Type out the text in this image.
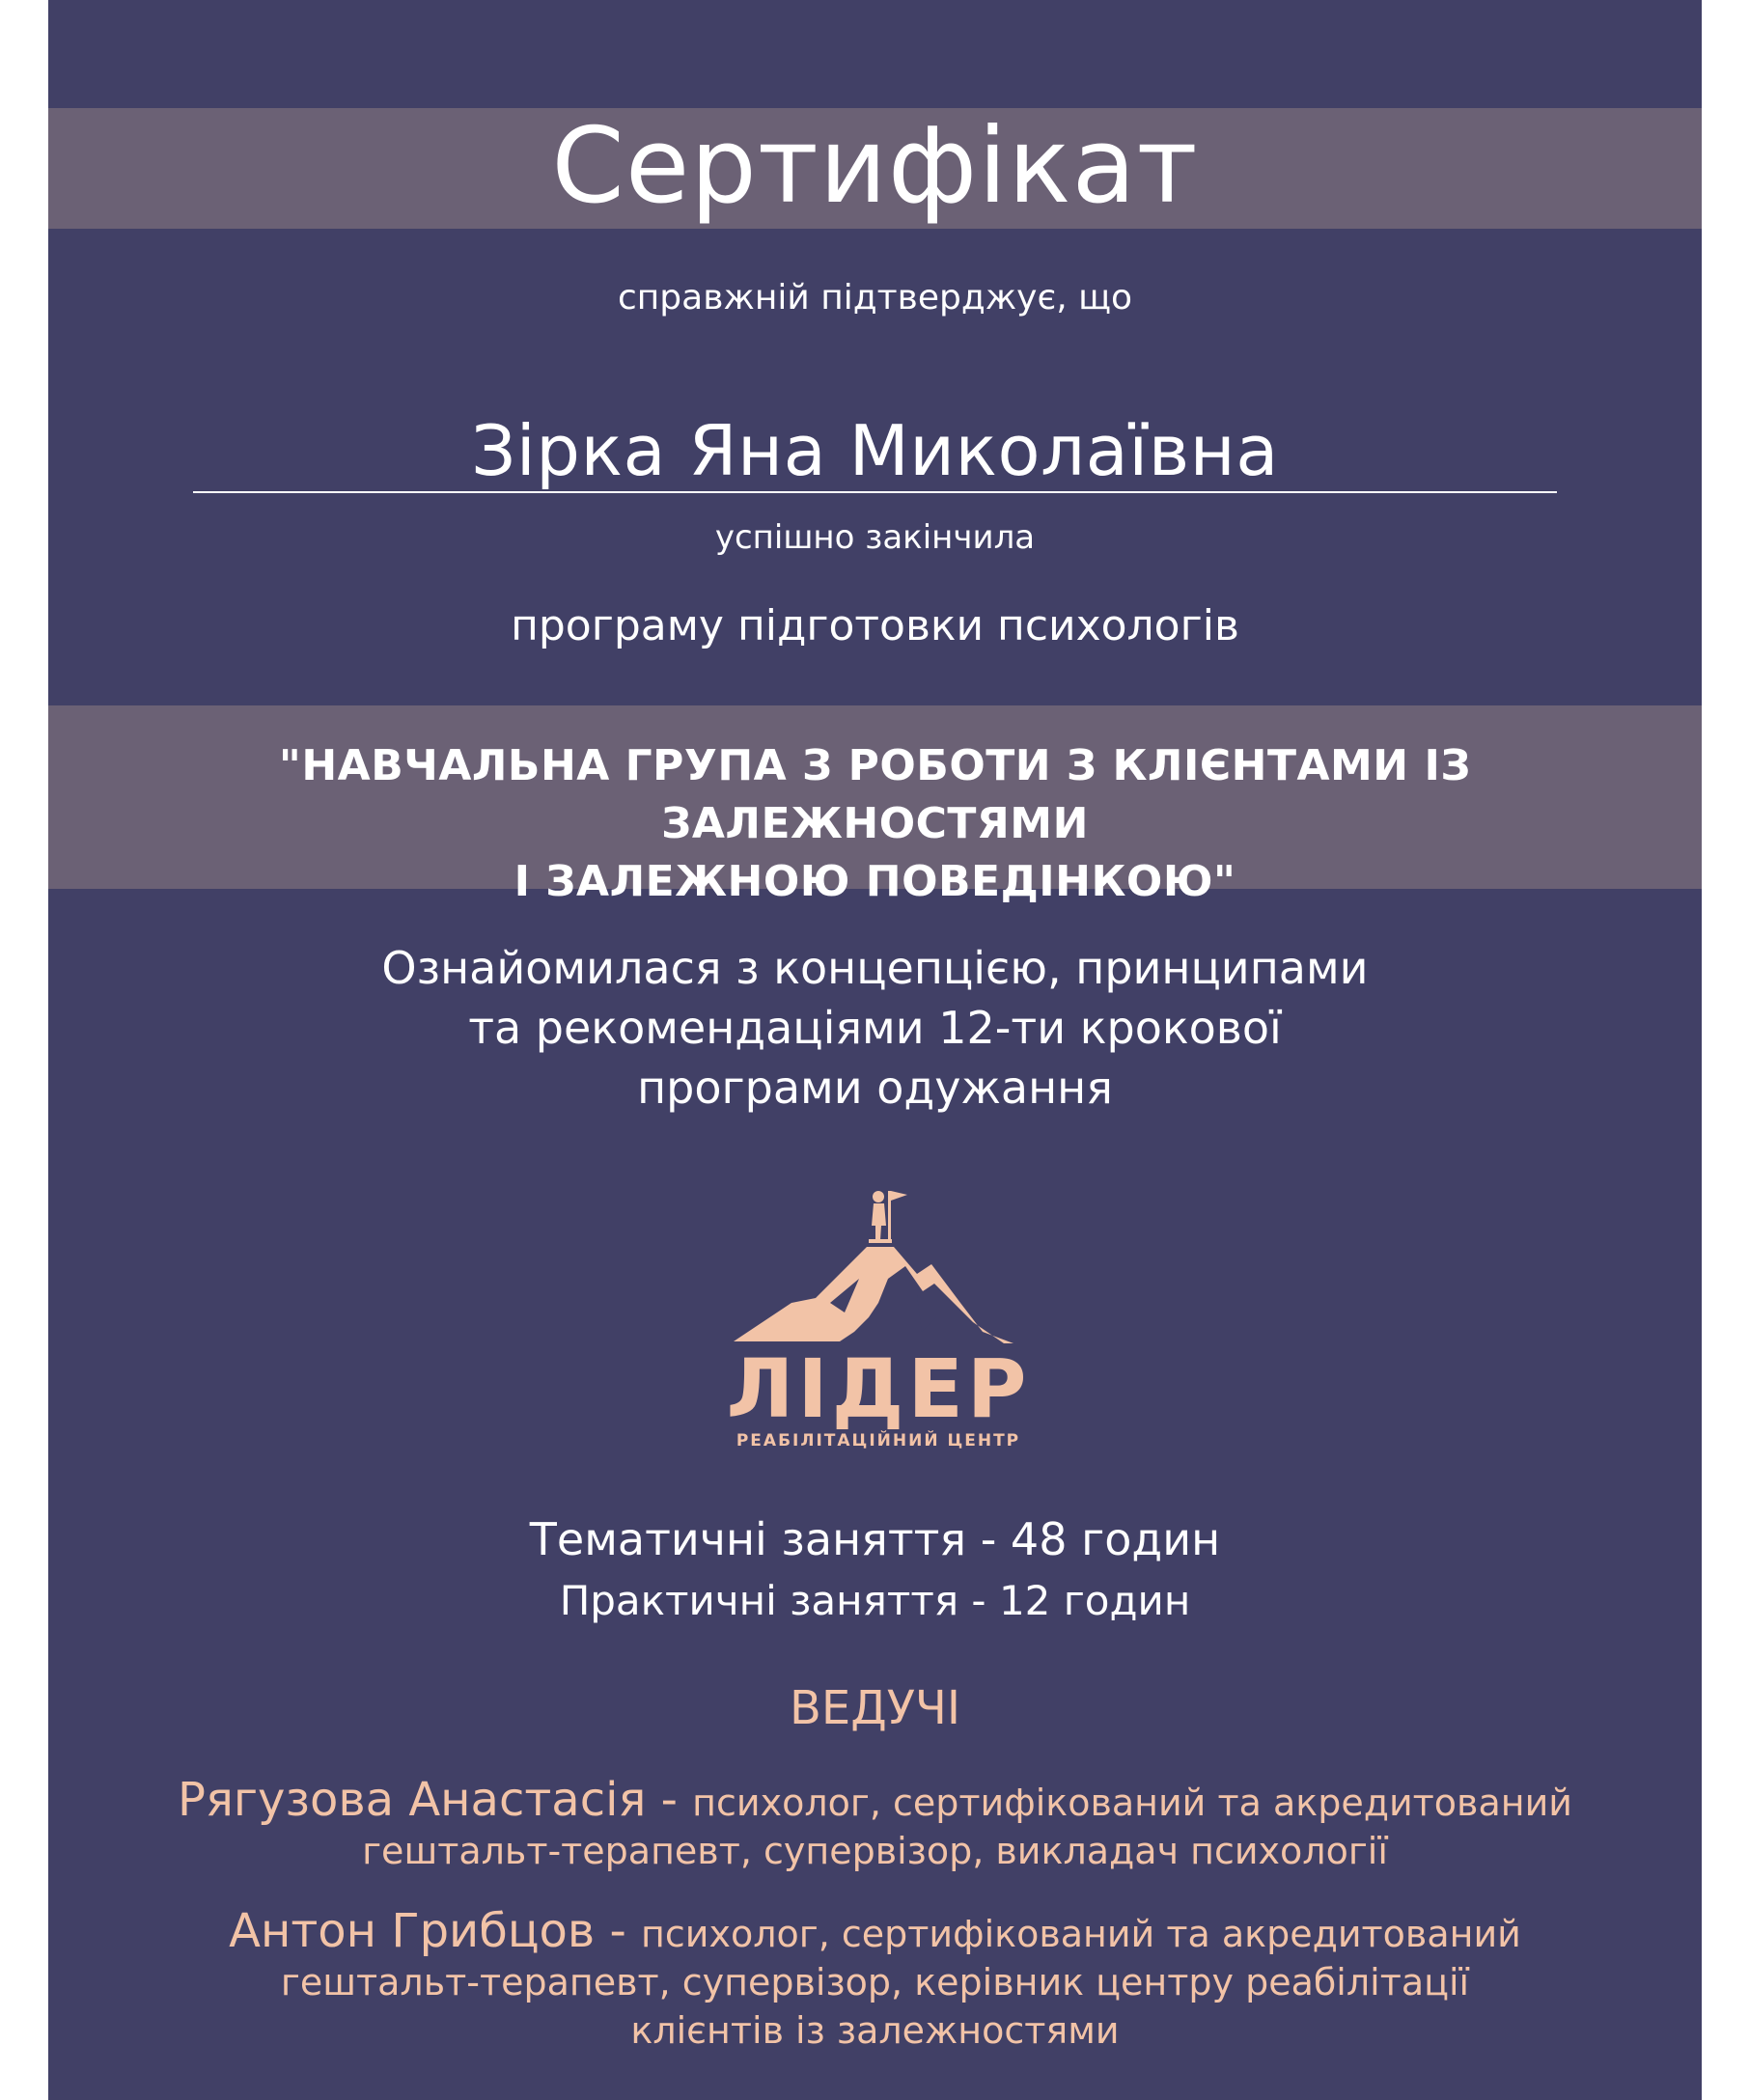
Сертифікат
справжній підтверджує, що
Зірка Яна Миколаївна
успішно закінчила
програму підготовки психологів
"НАВЧАЛЬНА ГРУПА З РОБОТИ З КЛІЄНТАМИ ІЗ ЗАЛЕЖНОСТЯМИ
І ЗАЛЕЖНОЮ ПОВЕДІНКОЮ"
Ознайомилася з концепцією, принципами
та рекомендаціями 12-ти крокової
програми одужання
ЛІДЕР
РЕАБІЛІТАЦІЙНИЙ ЦЕНТР
Тематичні заняття - 48 годин
Практичні заняття - 12 годин
ВЕДУЧІ
Рягузова Анастасія - психолог, сертифікований та акредитований
гештальт-терапевт, супервізор, викладач психології
Антон Грибцов - психолог, сертифікований та акредитований
гештальт-терапевт, супервізор, керівник центру реабілітації
клієнтів із залежностями
